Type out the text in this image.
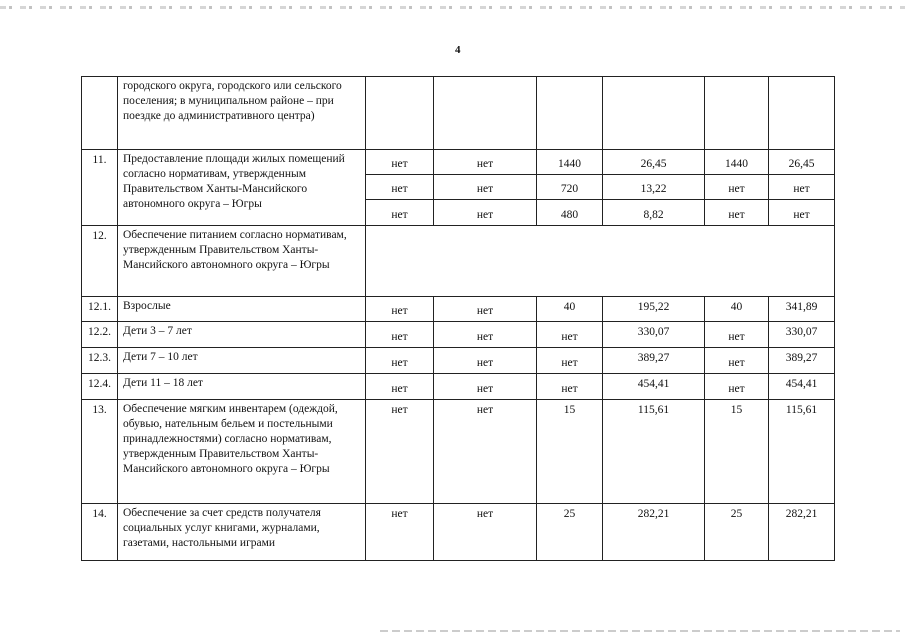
4
	городского округа, городского или сельского поселения; в муниципальном районе – при поездке до административного центра)						
11.	Предоставление площади жилых помещений согласно нормативам, утвержденным Правительством Ханты-Мансийского автономного округа – Югры	нет	нет	1440	26,45	1440	26,45
		нет	нет	720	13,22	нет	нет
		нет	нет	480	8,82	нет	нет
12.	Обеспечение питанием согласно нормативам, утвержденным Правительством Ханты-Мансийского автономного округа – Югры						
12.1.	Взрослые	нет	нет	40	195,22	40	341,89
12.2.	Дети 3 – 7 лет	нет	нет	нет	330,07	нет	330,07
12.3.	Дети 7 – 10 лет	нет	нет	нет	389,27	нет	389,27
12.4.	Дети 11 – 18 лет	нет	нет	нет	454,41	нет	454,41
13.	Обеспечение мягким инвентарем (одеждой, обувью, нательным бельем и постельными принадлежностями) согласно нормативам, утвержденным Правительством Ханты-Мансийского автономного округа – Югры	нет	нет	15	115,61	15	115,61
14.	Обеспечение за счет средств получателя социальных услуг книгами, журналами, газетами, настольными играми	нет	нет	25	282,21	25	282,21
